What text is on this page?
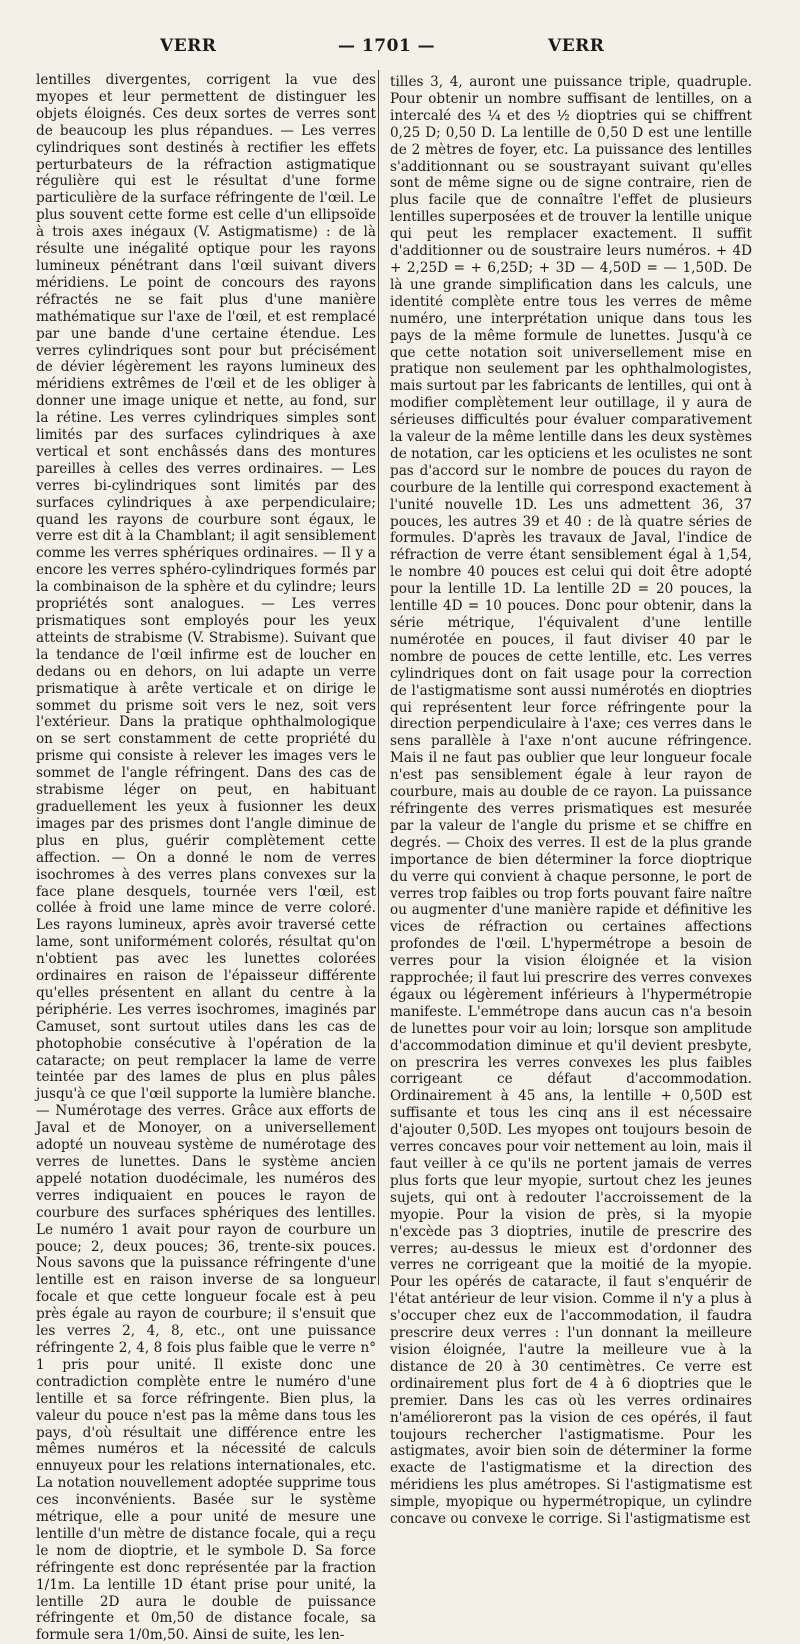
VERR	— 1701 —	VERR

lentilles divergentes, corrigent la vue des myopes et leur permettent de distinguer les objets éloignés. Ces deux sortes de verres sont de beaucoup les plus répandues. — Les verres cylindriques sont destinés à rectifier les effets perturbateurs de la réfraction astigmatique régulière qui est le résultat d'une forme particulière de la surface réfringente de l'œil. Le plus souvent cette forme est celle d'un ellipsoïde à trois axes inégaux (V. Astigmatisme) : de là résulte une inégalité optique pour les rayons lumineux pénétrant dans l'œil suivant divers méridiens. Le point de concours des rayons réfractés ne se fait plus d'une manière mathématique sur l'axe de l'œil, et est remplacé par une bande d'une certaine étendue. Les verres cylindriques sont pour but précisément de dévier légèrement les rayons lumineux des méridiens extrêmes de l'œil et de les obliger à donner une image unique et nette, au fond, sur la rétine. Les verres cylindriques simples sont limités par des surfaces cylindriques à axe vertical et sont enchâssés dans des montures pareilles à celles des verres ordinaires. — Les verres bi-cylindriques sont limités par des surfaces cylindriques à axe perpendiculaire; quand les rayons de courbure sont égaux, le verre est dit à la Chamblant; il agit sensiblement comme les verres sphériques ordinaires. — Il y a encore les verres sphéro-cylindriques formés par la combinaison de la sphère et du cylindre; leurs propriétés sont analogues. — Les verres prismatiques sont employés pour les yeux atteints de strabisme (V. Strabisme). Suivant que la tendance de l'œil infirme est de loucher en dedans ou en dehors, on lui adapte un verre prismatique à arête verticale et on dirige le sommet du prisme soit vers le nez, soit vers l'extérieur. Dans la pratique ophthalmologique on se sert constamment de cette propriété du prisme qui consiste à relever les images vers le sommet de l'angle réfringent. Dans des cas de strabisme léger on peut, en habituant graduellement les yeux à fusionner les deux images par des prismes dont l'angle diminue de plus en plus, guérir complètement cette affection. — On a donné le nom de verres isochromes à des verres plans convexes sur la face plane desquels, tournée vers l'œil, est collée à froid une lame mince de verre coloré. Les rayons lumineux, après avoir traversé cette lame, sont uniformément colorés, résultat qu'on n'obtient pas avec les lunettes colorées ordinaires en raison de l'épaisseur différente qu'elles présentent en allant du centre à la périphérie. Les verres isochromes, imaginés par Camuset, sont surtout utiles dans les cas de photophobie consécutive à l'opération de la cataracte; on peut remplacer la lame de verre teintée par des lames de plus en plus pâles jusqu'à ce que l'œil supporte la lumière blanche. — Numérotage des verres. Grâce aux efforts de Javal et de Monoyer, on a universellement adopté un nouveau système de numérotage des verres de lunettes. Dans le système ancien appelé notation duodécimale, les numéros des verres indiquaient en pouces le rayon de courbure des surfaces sphériques des lentilles. Le numéro 1 avait pour rayon de courbure un pouce; 2, deux pouces; 36, trente-six pouces. Nous savons que la puissance réfringente d'une lentille est en raison inverse de sa longueur focale et que cette longueur focale est à peu près égale au rayon de courbure; il s'ensuit que les verres 2, 4, 8, etc., ont une puissance réfringente 2, 4, 8 fois plus faible que le verre n° 1 pris pour unité. Il existe donc une contradiction complète entre le numéro d'une lentille et sa force réfringente. Bien plus, la valeur du pouce n'est pas la même dans tous les pays, d'où résultait une différence entre les mêmes numéros et la nécessité de calculs ennuyeux pour les relations internationales, etc. La notation nouvellement adoptée supprime tous ces inconvénients. Basée sur le système métrique, elle a pour unité de mesure une lentille d'un mètre de distance focale, qui a reçu le nom de dioptrie, et le symbole D. Sa force réfringente est donc représentée par la fraction 1/1m. La lentille 1D étant prise pour unité, la lentille 2D aura le double de puissance réfringente et 0m,50 de distance focale, sa formule sera 1/0m,50. Ainsi de suite, les len-

tilles 3, 4, auront une puissance triple, quadruple. Pour obtenir un nombre suffisant de lentilles, on a intercalé des ¼ et des ½ dioptries qui se chiffrent 0,25 D; 0,50 D. La lentille de 0,50 D est une lentille de 2 mètres de foyer, etc. La puissance des lentilles s'additionnant ou se soustrayant suivant qu'elles sont de même signe ou de signe contraire, rien de plus facile que de connaître l'effet de plusieurs lentilles superposées et de trouver la lentille unique qui peut les remplacer exactement. Il suffit d'additionner ou de soustraire leurs numéros. + 4D + 2,25D = + 6,25D; + 3D — 4,50D = — 1,50D. De là une grande simplification dans les calculs, une identité complète entre tous les verres de même numéro, une interprétation unique dans tous les pays de la même formule de lunettes. Jusqu'à ce que cette notation soit universellement mise en pratique non seulement par les ophthalmologistes, mais surtout par les fabricants de lentilles, qui ont à modifier complètement leur outillage, il y aura de sérieuses difficultés pour évaluer comparativement la valeur de la même lentille dans les deux systèmes de notation, car les opticiens et les oculistes ne sont pas d'accord sur le nombre de pouces du rayon de courbure de la lentille qui correspond exactement à l'unité nouvelle 1D. Les uns admettent 36, 37 pouces, les autres 39 et 40 : de là quatre séries de formules. D'après les travaux de Javal, l'indice de réfraction de verre étant sensiblement égal à 1,54, le nombre 40 pouces est celui qui doit être adopté pour la lentille 1D. La lentille 2D = 20 pouces, la lentille 4D = 10 pouces. Donc pour obtenir, dans la série métrique, l'équivalent d'une lentille numérotée en pouces, il faut diviser 40 par le nombre de pouces de cette lentille, etc. Les verres cylindriques dont on fait usage pour la correction de l'astigmatisme sont aussi numérotés en dioptries qui représentent leur force réfringente pour la direction perpendiculaire à l'axe; ces verres dans le sens parallèle à l'axe n'ont aucune réfringence. Mais il ne faut pas oublier que leur longueur focale n'est pas sensiblement égale à leur rayon de courbure, mais au double de ce rayon. La puissance réfringente des verres prismatiques est mesurée par la valeur de l'angle du prisme et se chiffre en degrés. — Choix des verres. Il est de la plus grande importance de bien déterminer la force dioptrique du verre qui convient à chaque personne, le port de verres trop faibles ou trop forts pouvant faire naître ou augmenter d'une manière rapide et définitive les vices de réfraction ou certaines affections profondes de l'œil. L'hypermétrope a besoin de verres pour la vision éloignée et la vision rapprochée; il faut lui prescrire des verres convexes égaux ou légèrement inférieurs à l'hypermétropie manifeste. L'emmétrope dans aucun cas n'a besoin de lunettes pour voir au loin; lorsque son amplitude d'accommodation diminue et qu'il devient presbyte, on prescrira les verres convexes les plus faibles corrigeant ce défaut d'accommodation. Ordinairement à 45 ans, la lentille + 0,50D est suffisante et tous les cinq ans il est nécessaire d'ajouter 0,50D. Les myopes ont toujours besoin de verres concaves pour voir nettement au loin, mais il faut veiller à ce qu'ils ne portent jamais de verres plus forts que leur myopie, surtout chez les jeunes sujets, qui ont à redouter l'accroissement de la myopie. Pour la vision de près, si la myopie n'excède pas 3 dioptries, inutile de prescrire des verres; au-dessus le mieux est d'ordonner des verres ne corrigeant que la moitié de la myopie. Pour les opérés de cataracte, il faut s'enquérir de l'état antérieur de leur vision. Comme il n'y a plus à s'occuper chez eux de l'accommodation, il faudra prescrire deux verres : l'un donnant la meilleure vision éloignée, l'autre la meilleure vue à la distance de 20 à 30 centimètres. Ce verre est ordinairement plus fort de 4 à 6 dioptries que le premier. Dans les cas où les verres ordinaires n'amélioreront pas la vision de ces opérés, il faut toujours rechercher l'astigmatisme. Pour les astigmates, avoir bien soin de déterminer la forme exacte de l'astigmatisme et la direction des méridiens les plus amétropes. Si l'astigmatisme est simple, myopique ou hypermétropique, un cylindre concave ou convexe le corrige. Si l'astigmatisme est
